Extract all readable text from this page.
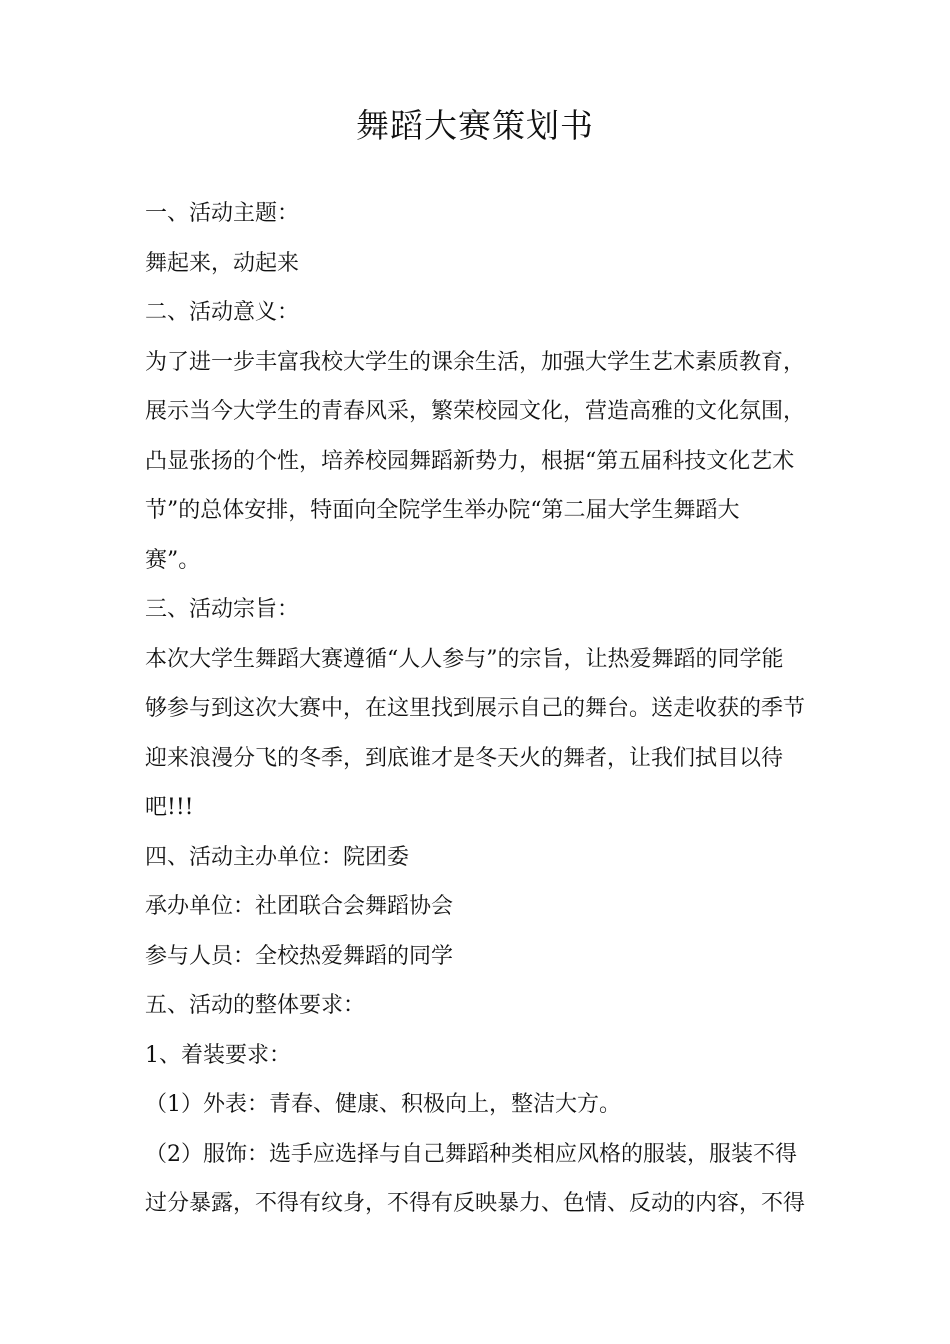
舞蹈大赛策划书
一、活动主题：
舞起来，动起来
二、活动意义：
为了进一步丰富我校大学生的课余生活，加强大学生艺术素质教育，
展示当今大学生的青春风采，繁荣校园文化，营造高雅的文化氛围，
凸显张扬的个性，培养校园舞蹈新势力，根据“第五届科技文化艺术
节”的总体安排，特面向全院学生举办院“第二届大学生舞蹈大
赛”。
三、活动宗旨：
本次大学生舞蹈大赛遵循“人人参与”的宗旨，让热爱舞蹈的同学能
够参与到这次大赛中，在这里找到展示自己的舞台。送走收获的季节
迎来浪漫分飞的冬季，到底谁才是冬天火的舞者，让我们拭目以待
吧!!!
四、活动主办单位：院团委
承办单位：社团联合会舞蹈协会
参与人员：全校热爱舞蹈的同学
五、活动的整体要求：
1、着装要求：
（1）外表：青春、健康、积极向上，整洁大方。
（2）服饰：选手应选择与自己舞蹈种类相应风格的服装，服装不得
过分暴露，不得有纹身，不得有反映暴力、色情、反动的内容，不得
